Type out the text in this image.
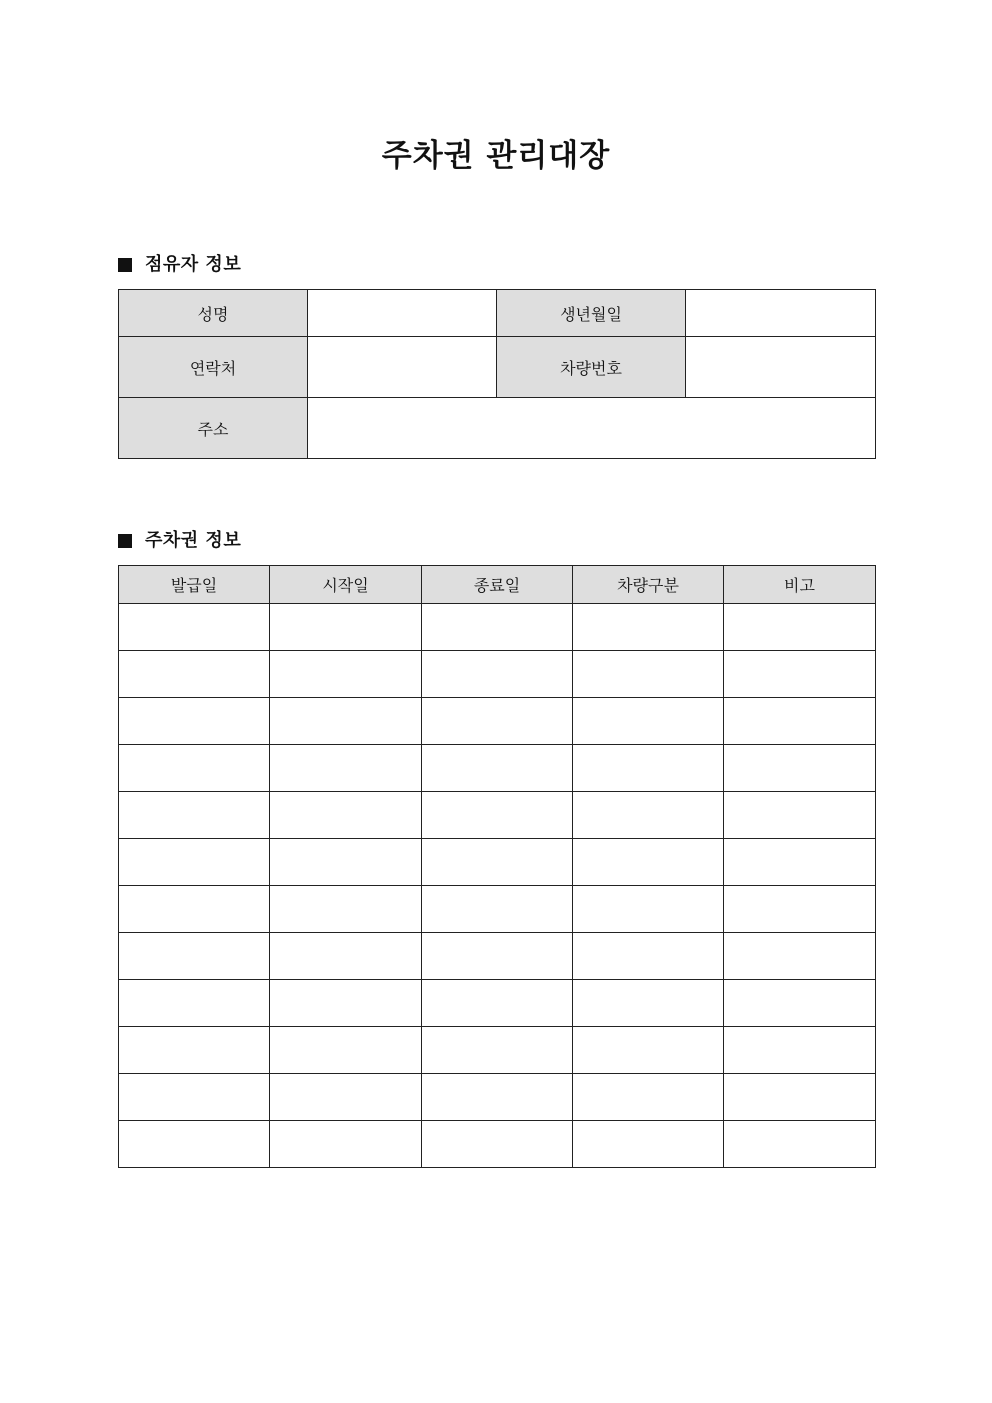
주차권 관리대장
점유자 정보
성명		생년월일	
연락처		차량번호	
주소			
주차권 정보
발급일	시작일	종료일	차량구분	비고
